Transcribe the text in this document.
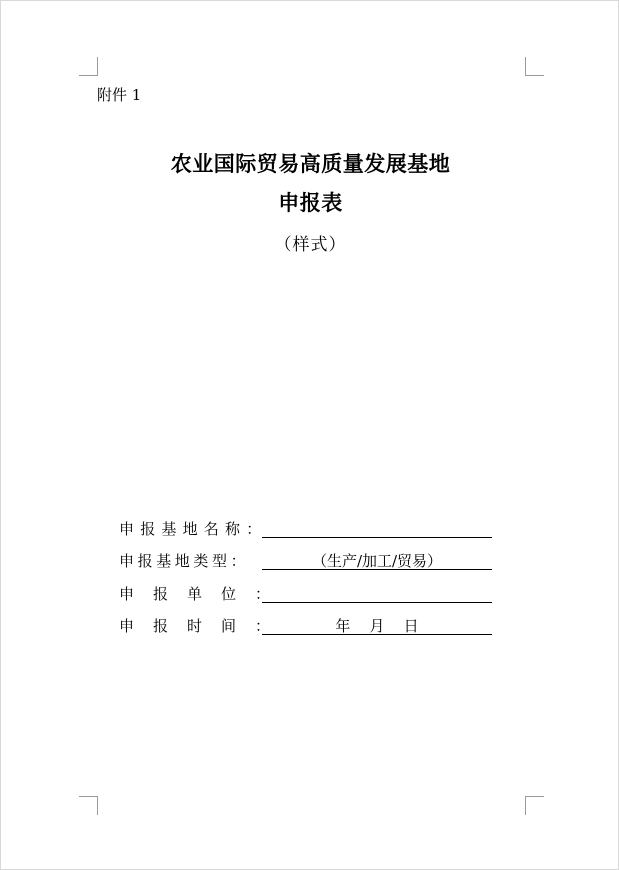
附件 1
农业国际贸易高质量发展基地
申报表
（样式）
申报基地名称：
申报基地类型：	（生产/加工/贸易）
申报单位：
申报时间：	年    月    日
